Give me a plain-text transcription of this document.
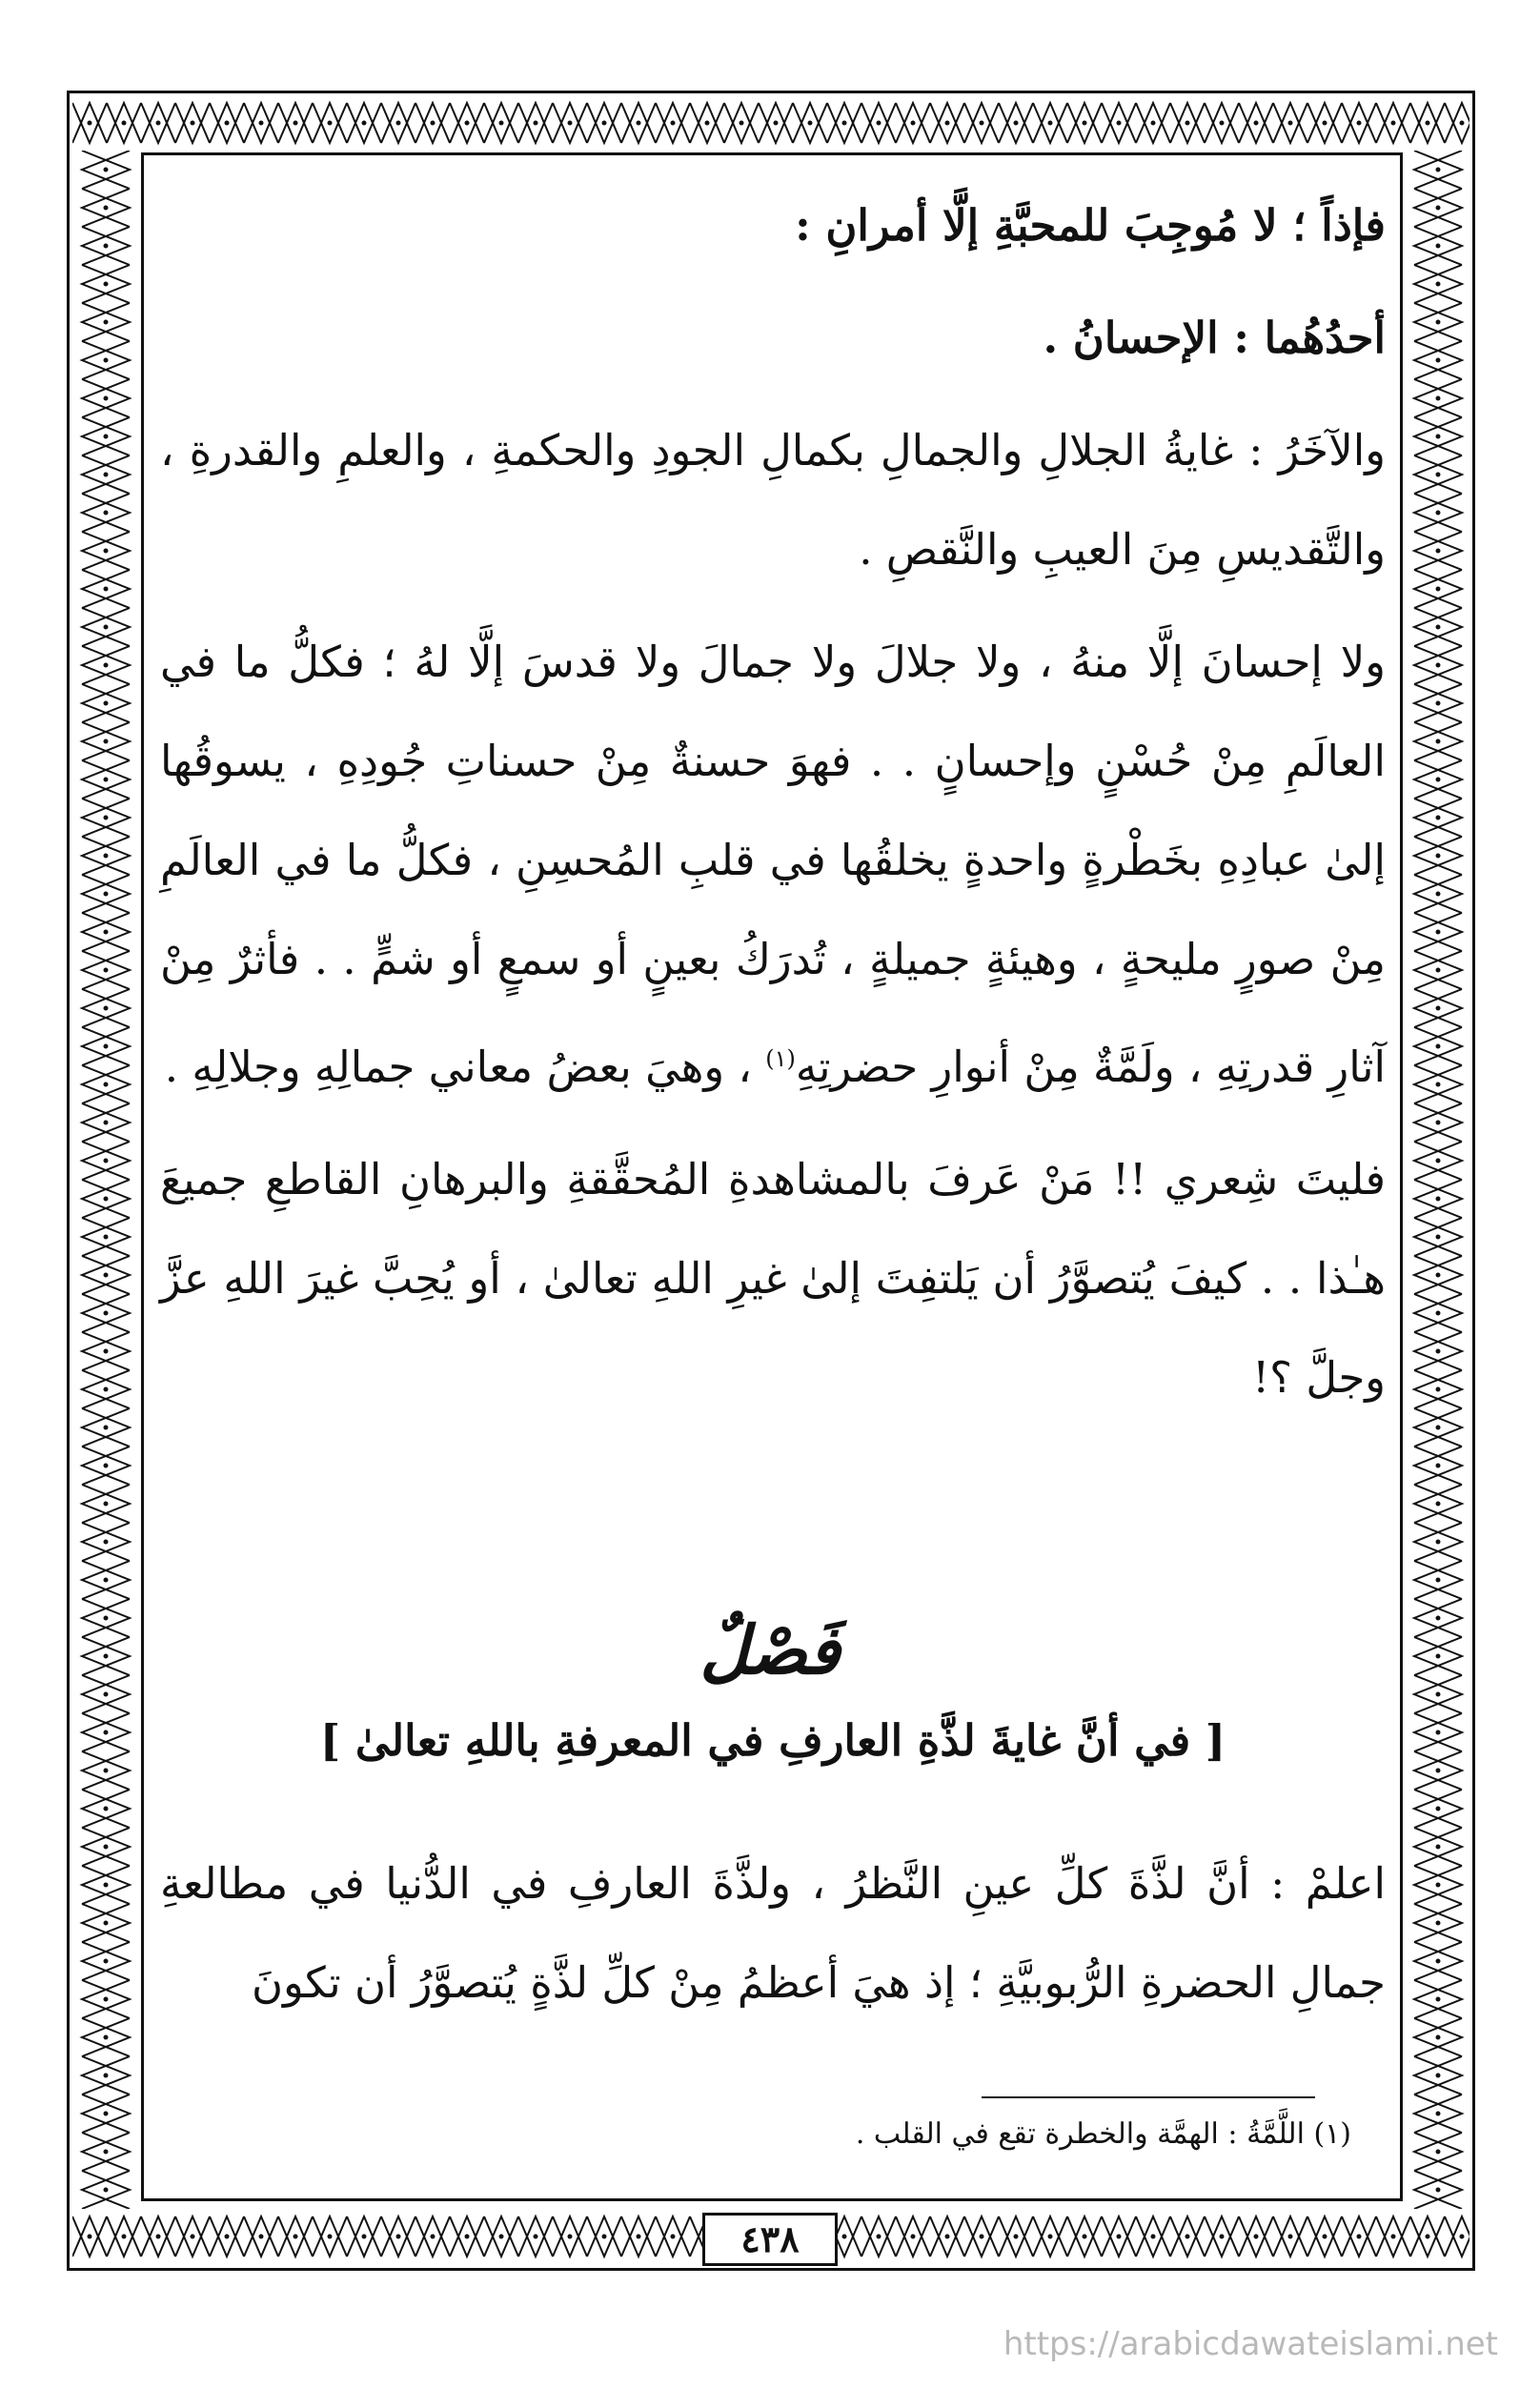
فإذاً ؛ لا مُوجِبَ للمحبَّةِ إلَّا أمرانِ :

أحدُهُما : الإحسانُ .

والآخَرُ : غايةُ الجلالِ والجمالِ بكمالِ الجودِ والحكمةِ ، والعلمِ والقدرةِ ، والتَّقديسِ مِنَ العيبِ والنَّقصِ .

ولا إحسانَ إلَّا منهُ ، ولا جلالَ ولا جمالَ ولا قدسَ إلَّا لهُ ؛ فكلُّ ما في العالَمِ مِنْ حُسْنٍ وإحسانٍ . . فهوَ حسنةٌ مِنْ حسناتِ جُودِهِ ، يسوقُها إلىٰ عبادِهِ بخَطْرةٍ واحدةٍ يخلقُها في قلبِ المُحسِنِ ، فكلُّ ما في العالَمِ مِنْ صورٍ مليحةٍ ، وهيئةٍ جميلةٍ ، تُدرَكُ بعينٍ أو سمعٍ أو شمٍّ . . فأثرٌ مِنْ آثارِ قدرتِهِ ، ولَمَّةٌ مِنْ أنوارِ حضرتِهِ$^{(١)}$ ، وهيَ بعضُ معاني جمالِهِ وجلالِهِ .

فليتَ شِعري !! مَنْ عَرفَ بالمشاهدةِ المُحقَّقةِ والبرهانِ القاطعِ جميعَ هـٰذا . . كيفَ يُتصوَّرُ أن يَلتفِتَ إلىٰ غيرِ اللهِ تعالىٰ ، أو يُحِبَّ غيرَ اللهِ عزَّ وجلَّ ؟!

فَصْلٌ
[ في أنَّ غايةَ لذَّةِ العارفِ في المعرفةِ باللهِ تعالىٰ ]

اعلمْ : أنَّ لذَّةَ كلِّ عينِ النَّظرُ ، ولذَّةَ العارفِ في الدُّنيا في مطالعةِ جمالِ الحضرةِ الرُّبوبيَّةِ ؛ إذ هيَ أعظمُ مِنْ كلِّ لذَّةٍ يُتصوَّرُ أن تكونَ

(١) اللَّمَّةُ : الهمَّة والخطرة تقع في القلب .
٤٣٨
https://arabicdawateislami.net
